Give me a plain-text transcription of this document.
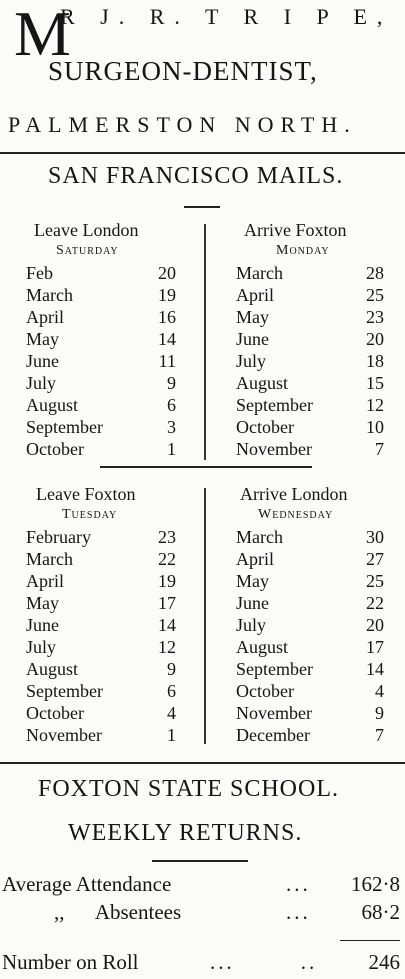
M
R J. R. T R I P E,
SURGEON-DENTIST,
PALMERSTON NORTH.
SAN FRANCISCO MAILS.
Leave London
Saturday
Arrive Foxton
Monday
Feb	20
March	19
April	16
May	14
June	11
July	9
August	6
September	3
October	1
March	28
April	25
May	23
June	20
July	18
August	15
September	12
October	10
November	7
Leave Foxton
Tuesday
Arrive London
Wednesday
February	23
March	22
April	19
May	17
June	14
July	12
August	9
September	6
October	4
November	1
March	30
April	27
May	25
June	22
July	20
August	17
September	14
October	4
November	9
December	7
FOXTON STATE SCHOOL.
WEEKLY RETURNS.
Average Attendance	...	162·8
,,      Absentees	...	68·2
Number on Roll	...        ..	246
